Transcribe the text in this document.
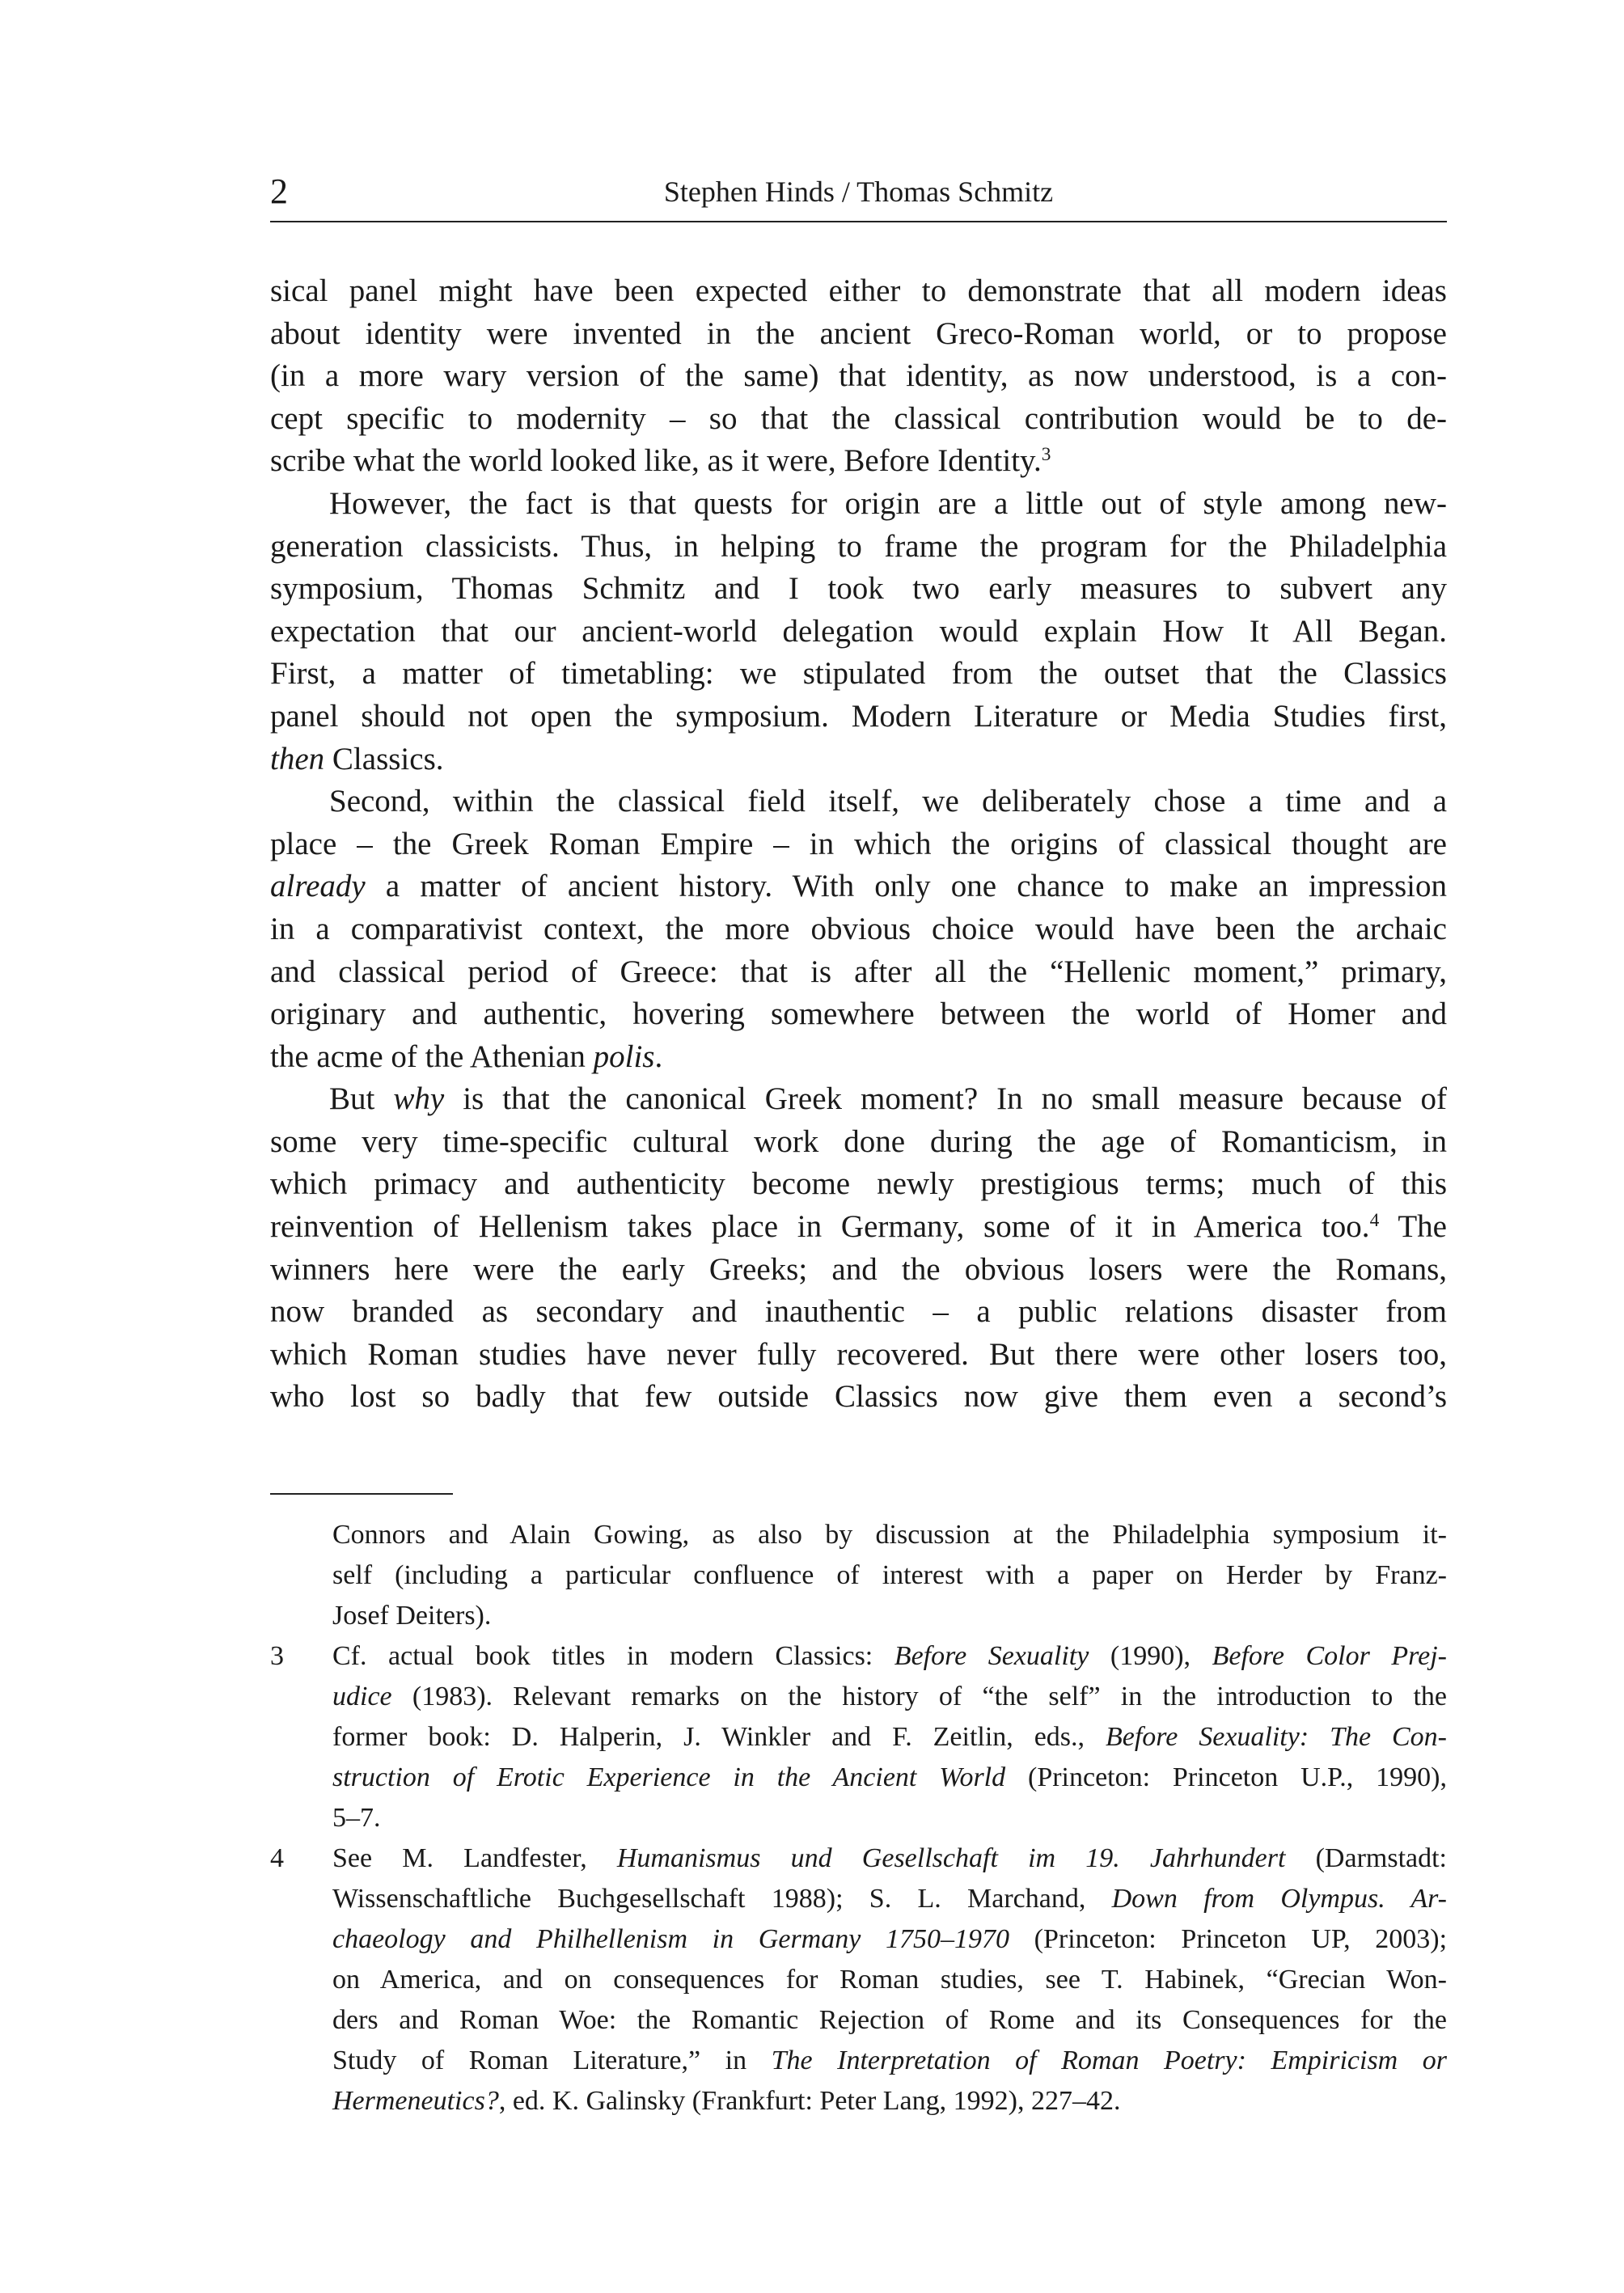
2	Stephen Hinds / Thomas Schmitz
sical panel might have been expected either to demonstrate that all modern ideas
about identity were invented in the ancient Greco-Roman world, or to propose
(in a more wary version of the same) that identity, as now understood, is a con-
cept specific to modernity – so that the classical contribution would be to de-
scribe what the world looked like, as it were, Before Identity.$^3$
However, the fact is that quests for origin are a little out of style among new-
generation classicists. Thus, in helping to frame the program for the Philadelphia
symposium, Thomas Schmitz and I took two early measures to subvert any
expectation that our ancient-world delegation would explain How It All Began.
First, a matter of timetabling: we stipulated from the outset that the Classics
panel should not open the symposium. Modern Literature or Media Studies first,
then Classics.
Second, within the classical field itself, we deliberately chose a time and a
place – the Greek Roman Empire – in which the origins of classical thought are
already a matter of ancient history. With only one chance to make an impression
in a comparativist context, the more obvious choice would have been the archaic
and classical period of Greece: that is after all the “Hellenic moment,” primary,
originary and authentic, hovering somewhere between the world of Homer and
the acme of the Athenian polis.
But why is that the canonical Greek moment? In no small measure because of
some very time-specific cultural work done during the age of Romanticism, in
which primacy and authenticity become newly prestigious terms; much of this
reinvention of Hellenism takes place in Germany, some of it in America too.$^4$ The
winners here were the early Greeks; and the obvious losers were the Romans,
now branded as secondary and inauthentic – a public relations disaster from
which Roman studies have never fully recovered. But there were other losers too,
who lost so badly that few outside Classics now give them even a second’s
Connors and Alain Gowing, as also by discussion at the Philadelphia symposium it-
self (including a particular confluence of interest with a paper on Herder by Franz-
Josef Deiters).
3 Cf. actual book titles in modern Classics: Before Sexuality (1990), Before Color Prej-
udice (1983). Relevant remarks on the history of “the self” in the introduction to the
former book: D. Halperin, J. Winkler and F. Zeitlin, eds., Before Sexuality: The Con-
struction of Erotic Experience in the Ancient World (Princeton: Princeton U.P., 1990),
5–7.
4 See M. Landfester, Humanismus und Gesellschaft im 19. Jahrhundert (Darmstadt:
Wissenschaftliche Buchgesellschaft 1988); S. L. Marchand, Down from Olympus. Ar-
chaeology and Philhellenism in Germany 1750–1970 (Princeton: Princeton UP, 2003);
on America, and on consequences for Roman studies, see T. Habinek, “Grecian Won-
ders and Roman Woe: the Romantic Rejection of Rome and its Consequences for the
Study of Roman Literature,” in The Interpretation of Roman Poetry: Empiricism or
Hermeneutics?, ed. K. Galinsky (Frankfurt: Peter Lang, 1992), 227–42.
